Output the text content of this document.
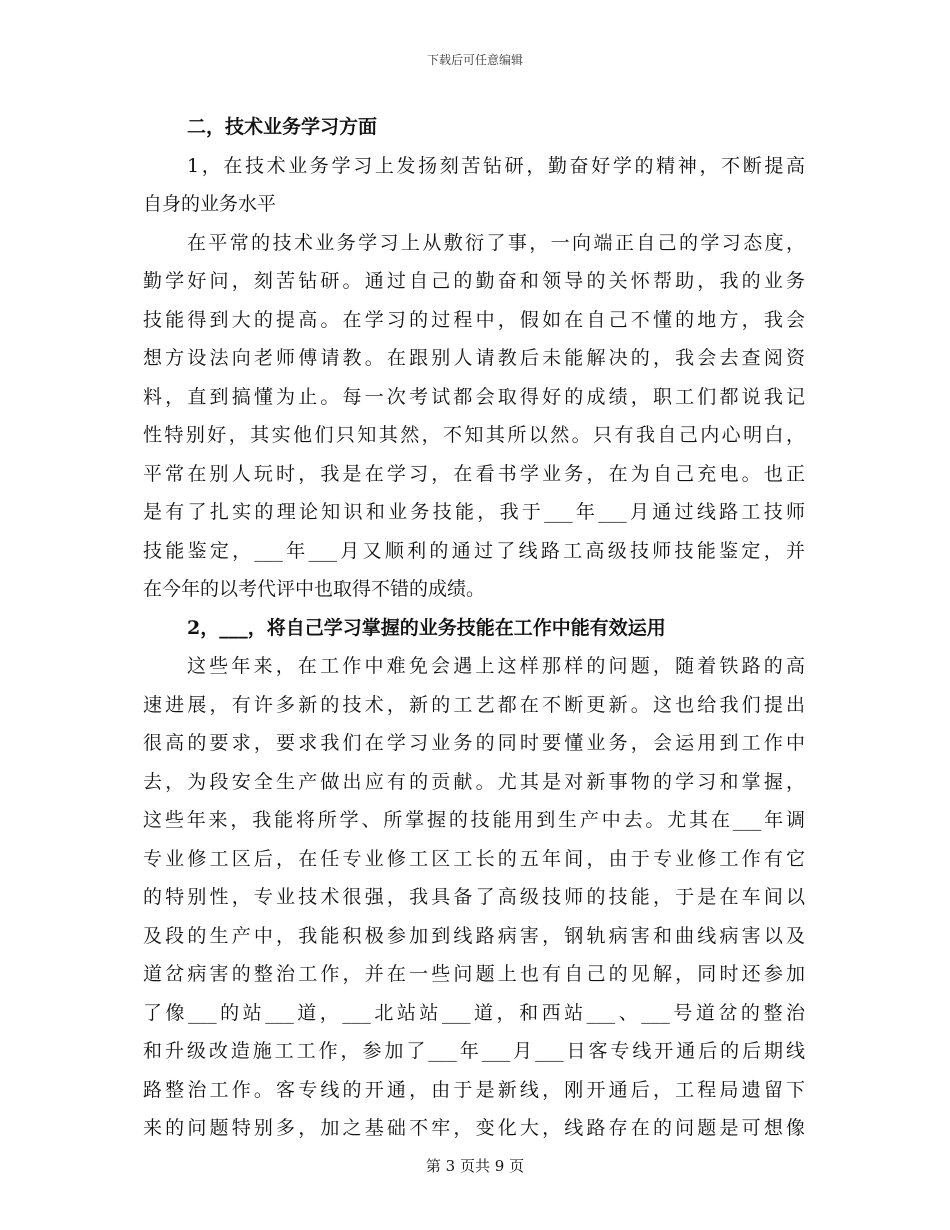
下载后可任意编辑
二，技术业务学习方面
1，在技术业务学习上发扬刻苦钻研，勤奋好学的精神，不断提高
自身的业务水平
在平常的技术业务学习上从敷衍了事，一向端正自己的学习态度，
勤学好问，刻苦钻研。通过自己的勤奋和领导的关怀帮助，我的业务
技能得到大的提高。在学习的过程中，假如在自己不懂的地方，我会
想方设法向老师傅请教。在跟别人请教后未能解决的，我会去查阅资
料，直到搞懂为止。每一次考试都会取得好的成绩，职工们都说我记
性特别好，其实他们只知其然，不知其所以然。只有我自己内心明白，
平常在别人玩时，我是在学习，在看书学业务，在为自己充电。也正
是有了扎实的理论知识和业务技能，我于___年___月通过线路工技师
技能鉴定，___年___月又顺利的通过了线路工高级技师技能鉴定，并
在今年的以考代评中也取得不错的成绩。
2，___，将自己学习掌握的业务技能在工作中能有效运用
这些年来，在工作中难免会遇上这样那样的问题，随着铁路的高
速进展，有许多新的技术，新的工艺都在不断更新。这也给我们提出
很高的要求，要求我们在学习业务的同时要懂业务，会运用到工作中
去，为段安全生产做出应有的贡献。尤其是对新事物的学习和掌握，
这些年来，我能将所学、所掌握的技能用到生产中去。尤其在___年调
专业修工区后，在任专业修工区工长的五年间，由于专业修工作有它
的特别性，专业技术很强，我具备了高级技师的技能，于是在车间以
及段的生产中，我能积极参加到线路病害，钢轨病害和曲线病害以及
道岔病害的整治工作，并在一些问题上也有自己的见解，同时还参加
了像___的站___道，___北站站___道，和西站___、___号道岔的整治
和升级改造施工工作，参加了___年___月___日客专线开通后的后期线
路整治工作。客专线的开通，由于是新线，刚开通后，工程局遗留下
来的问题特别多，加之基础不牢，变化大，线路存在的问题是可想像
第 3 页共 9 页
